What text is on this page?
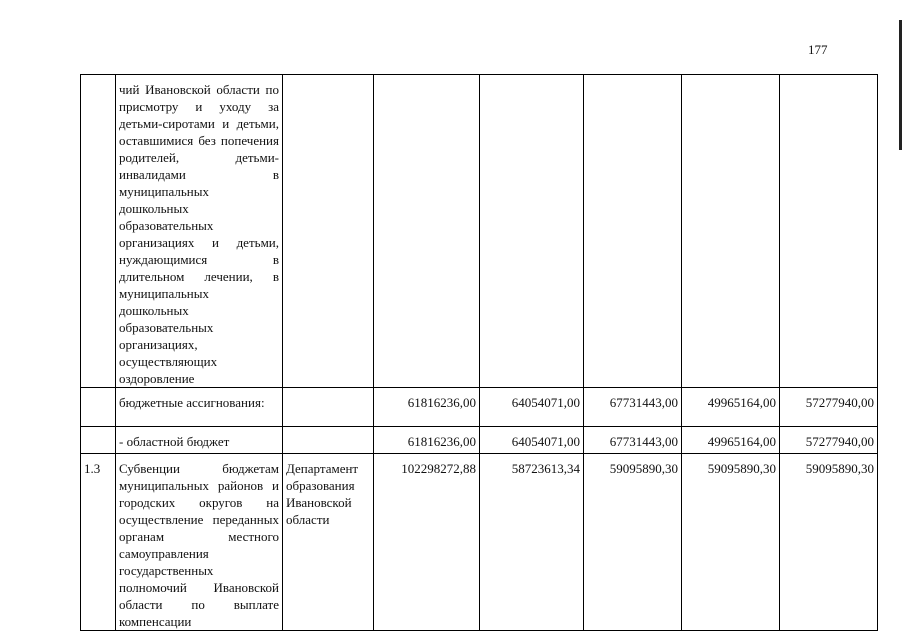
177

	чий Ивановской области по присмотру и уходу за детьми-сиротами и детьми, оставшимися без попечения родителей, детьми-инвалидами в муниципальных дошкольных образовательных организациях и детьми, нуждающимися в длительном лечении, в муниципальных дошкольных образовательных организациях, осуществляющих оздоровление						

	бюджетные ассигнования:		61816236,00	64054071,00	67731443,00	49965164,00	57277940,00

	- областной бюджет		61816236,00	64054071,00	67731443,00	49965164,00	57277940,00
1.3	Субвенции бюджетам муниципальных районов и городских округов на осуществление переданных органам местного самоуправления государственных полномочий Ивановской области по выплате компенсации	Департамент образования Ивановской области	102298272,88	58723613,34	59095890,30	59095890,30	59095890,30
